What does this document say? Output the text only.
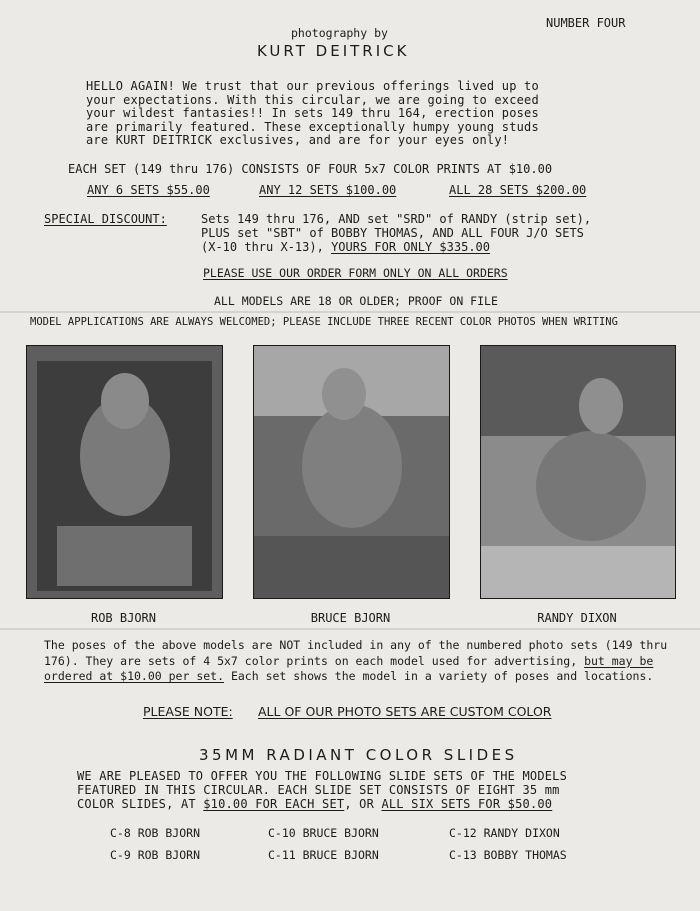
NUMBER FOUR
photography by
KURT DEITRICK
HELLO AGAIN! We trust that our previous offerings lived up to
your expectations. With this circular, we are going to exceed
your wildest fantasies!! In sets 149 thru 164, erection poses
are primarily featured. These exceptionally humpy young studs
are KURT DEITRICK exclusives, and are for your eyes only!
EACH SET (149 thru 176) CONSISTS OF FOUR 5x7 COLOR PRINTS AT $10.00
ANY 6 SETS $55.00	ANY 12 SETS $100.00	ALL 28 SETS $200.00
SPECIAL DISCOUNT:	Sets 149 thru 176, AND set "SRD" of RANDY (strip set),
PLUS set "SBT" of BOBBY THOMAS, AND ALL FOUR J/O SETS
(X-10 thru X-13), YOURS FOR ONLY $335.00
PLEASE USE OUR ORDER FORM ONLY ON ALL ORDERS
ALL MODELS ARE 18 OR OLDER; PROOF ON FILE
MODEL APPLICATIONS ARE ALWAYS WELCOMED; PLEASE INCLUDE THREE RECENT COLOR PHOTOS WHEN WRITING
ROB BJORN	BRUCE BJORN	RANDY DIXON
The poses of the above models are NOT included in any of the numbered photo sets (149 thru
176). They are sets of 4 5x7 color prints on each model used for advertising, but may be
ordered at $10.00 per set. Each set shows the model in a variety of poses and locations.
PLEASE NOTE: ALL OF OUR PHOTO SETS ARE CUSTOM COLOR
35MM RADIANT COLOR SLIDES
WE ARE PLEASED TO OFFER YOU THE FOLLOWING SLIDE SETS OF THE MODELS
FEATURED IN THIS CIRCULAR. EACH SLIDE SET CONSISTS OF EIGHT 35 mm
COLOR SLIDES, AT $10.00 FOR EACH SET, OR ALL SIX SETS FOR $50.00
C-8 ROB BJORN	C-10 BRUCE BJORN	C-12 RANDY DIXON
C-9 ROB BJORN	C-11 BRUCE BJORN	C-13 BOBBY THOMAS
